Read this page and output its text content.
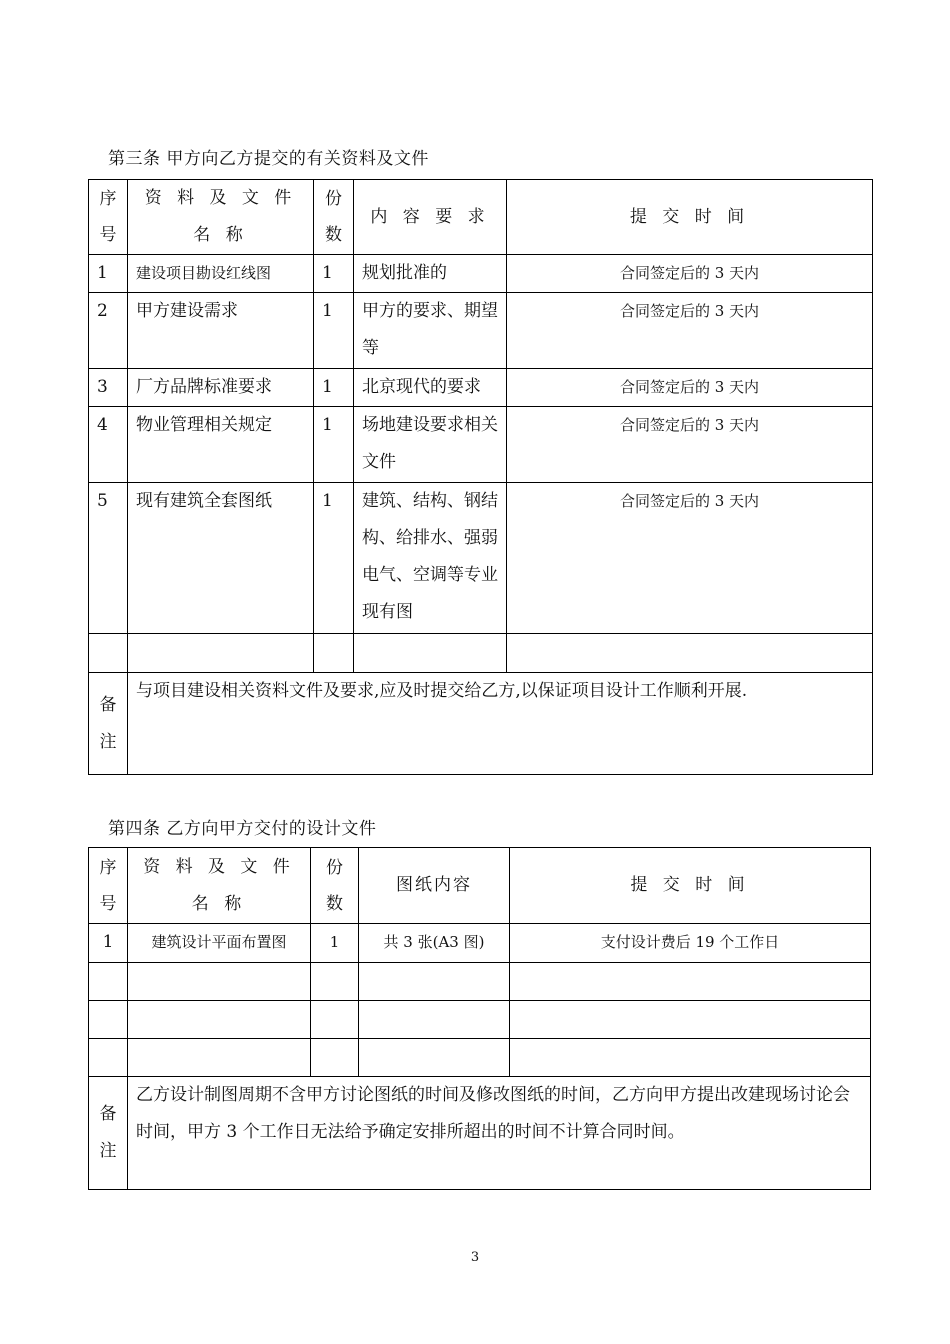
第三条 甲方向乙方提交的有关资料及文件
序号	资 料 及 文 件 名 称	份数	内 容 要 求	提 交 时 间
1	建设项目勘设红线图	1	规划批准的	合同签定后的 3 天内
2	甲方建设需求	1	甲方的要求、期望等	合同签定后的 3 天内
3	厂方品牌标准要求	1	北京现代的要求	合同签定后的 3 天内
4	物业管理相关规定	1	场地建设要求相关文件	合同签定后的 3 天内
5	现有建筑全套图纸	1	建筑、结构、钢结构、给排水、强弱电气、空调等专业现有图	合同签定后的 3 天内

备注	与项目建设相关资料文件及要求,应及时提交给乙方,以保证项目设计工作顺利开展.			
第四条 乙方向甲方交付的设计文件
序号	资 料 及 文 件 名 称	份数	图纸内容	提 交 时 间
1	建筑设计平面布置图	1	共 3 张(A3 图)	支付设计费后 19 个工作日

备注	乙方设计制图周期不含甲方讨论图纸的时间及修改图纸的时间，乙方向甲方提出改建现场讨论会时间，甲方 3 个工作日无法给予确定安排所超出的时间不计算合同时间。			
3
